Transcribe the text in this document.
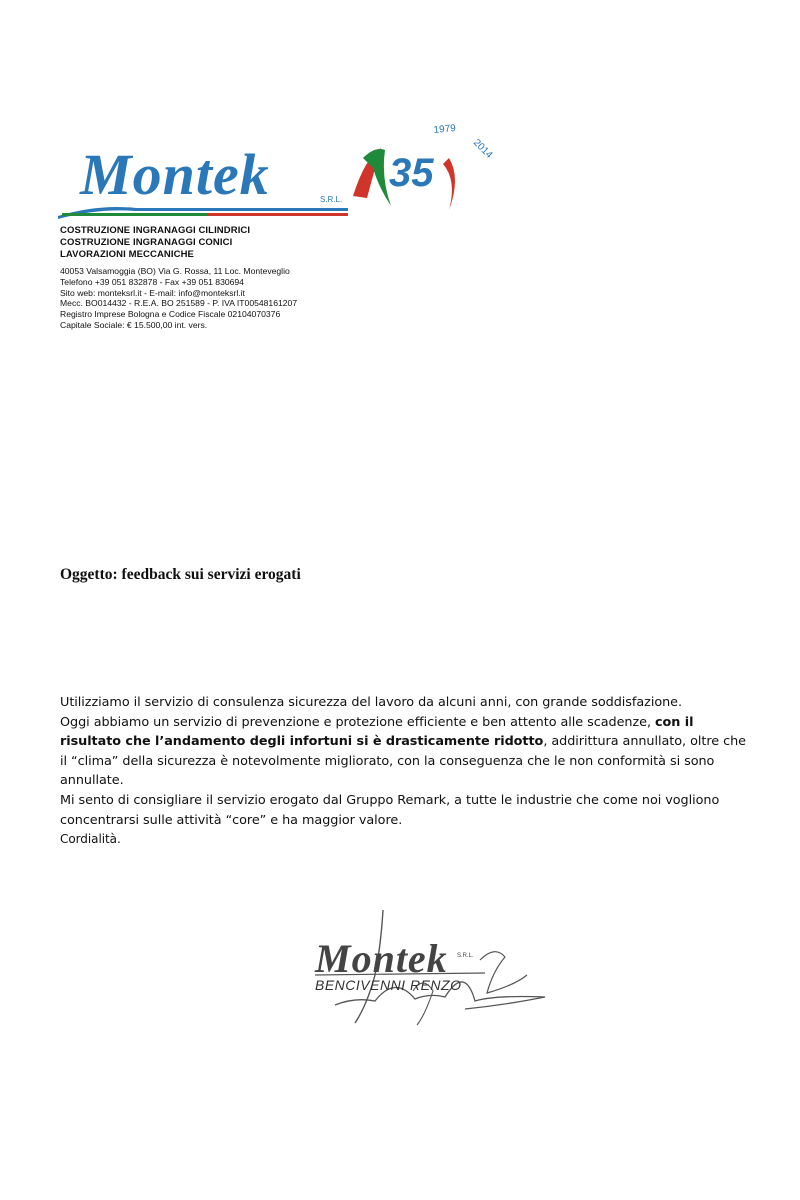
Montek	S.R.L.
1979
2014
35
COSTRUZIONE INGRANAGGI CILINDRICI
COSTRUZIONE INGRANAGGI CONICI
LAVORAZIONI MECCANICHE
40053 Valsamoggia (BO) Via G. Rossa, 11 Loc. Monteveglio
Telefono +39 051 832878 - Fax +39 051 830694
Sito web: monteksrl.it - E-mail: info@monteksrl.it
Mecc. BO014432 - R.E.A. BO 251589 - P. IVA IT00548161207
Registro Imprese Bologna e Codice Fiscale 02104070376
Capitale Sociale: € 15.500,00 int. vers.
Oggetto: feedback sui servizi erogati

Utilizziamo il servizio di consulenza sicurezza del lavoro da alcuni anni, con grande soddisfazione.

Oggi abbiamo un servizio di prevenzione e protezione efficiente e ben attento alle scadenze, con il risultato che l’andamento degli infortuni si è drasticamente ridotto, addirittura annullato, oltre che il “clima” della sicurezza è notevolmente migliorato, con la conseguenza che le non conformità si sono annullate.

Mi sento di consigliare il servizio erogato dal Gruppo Remark, a tutte le industrie che come noi vogliono concentrarsi sulle attività “core” e ha maggior valore.

Cordialità.

Montek S.R.L.
BENCIVENNI RENZO
